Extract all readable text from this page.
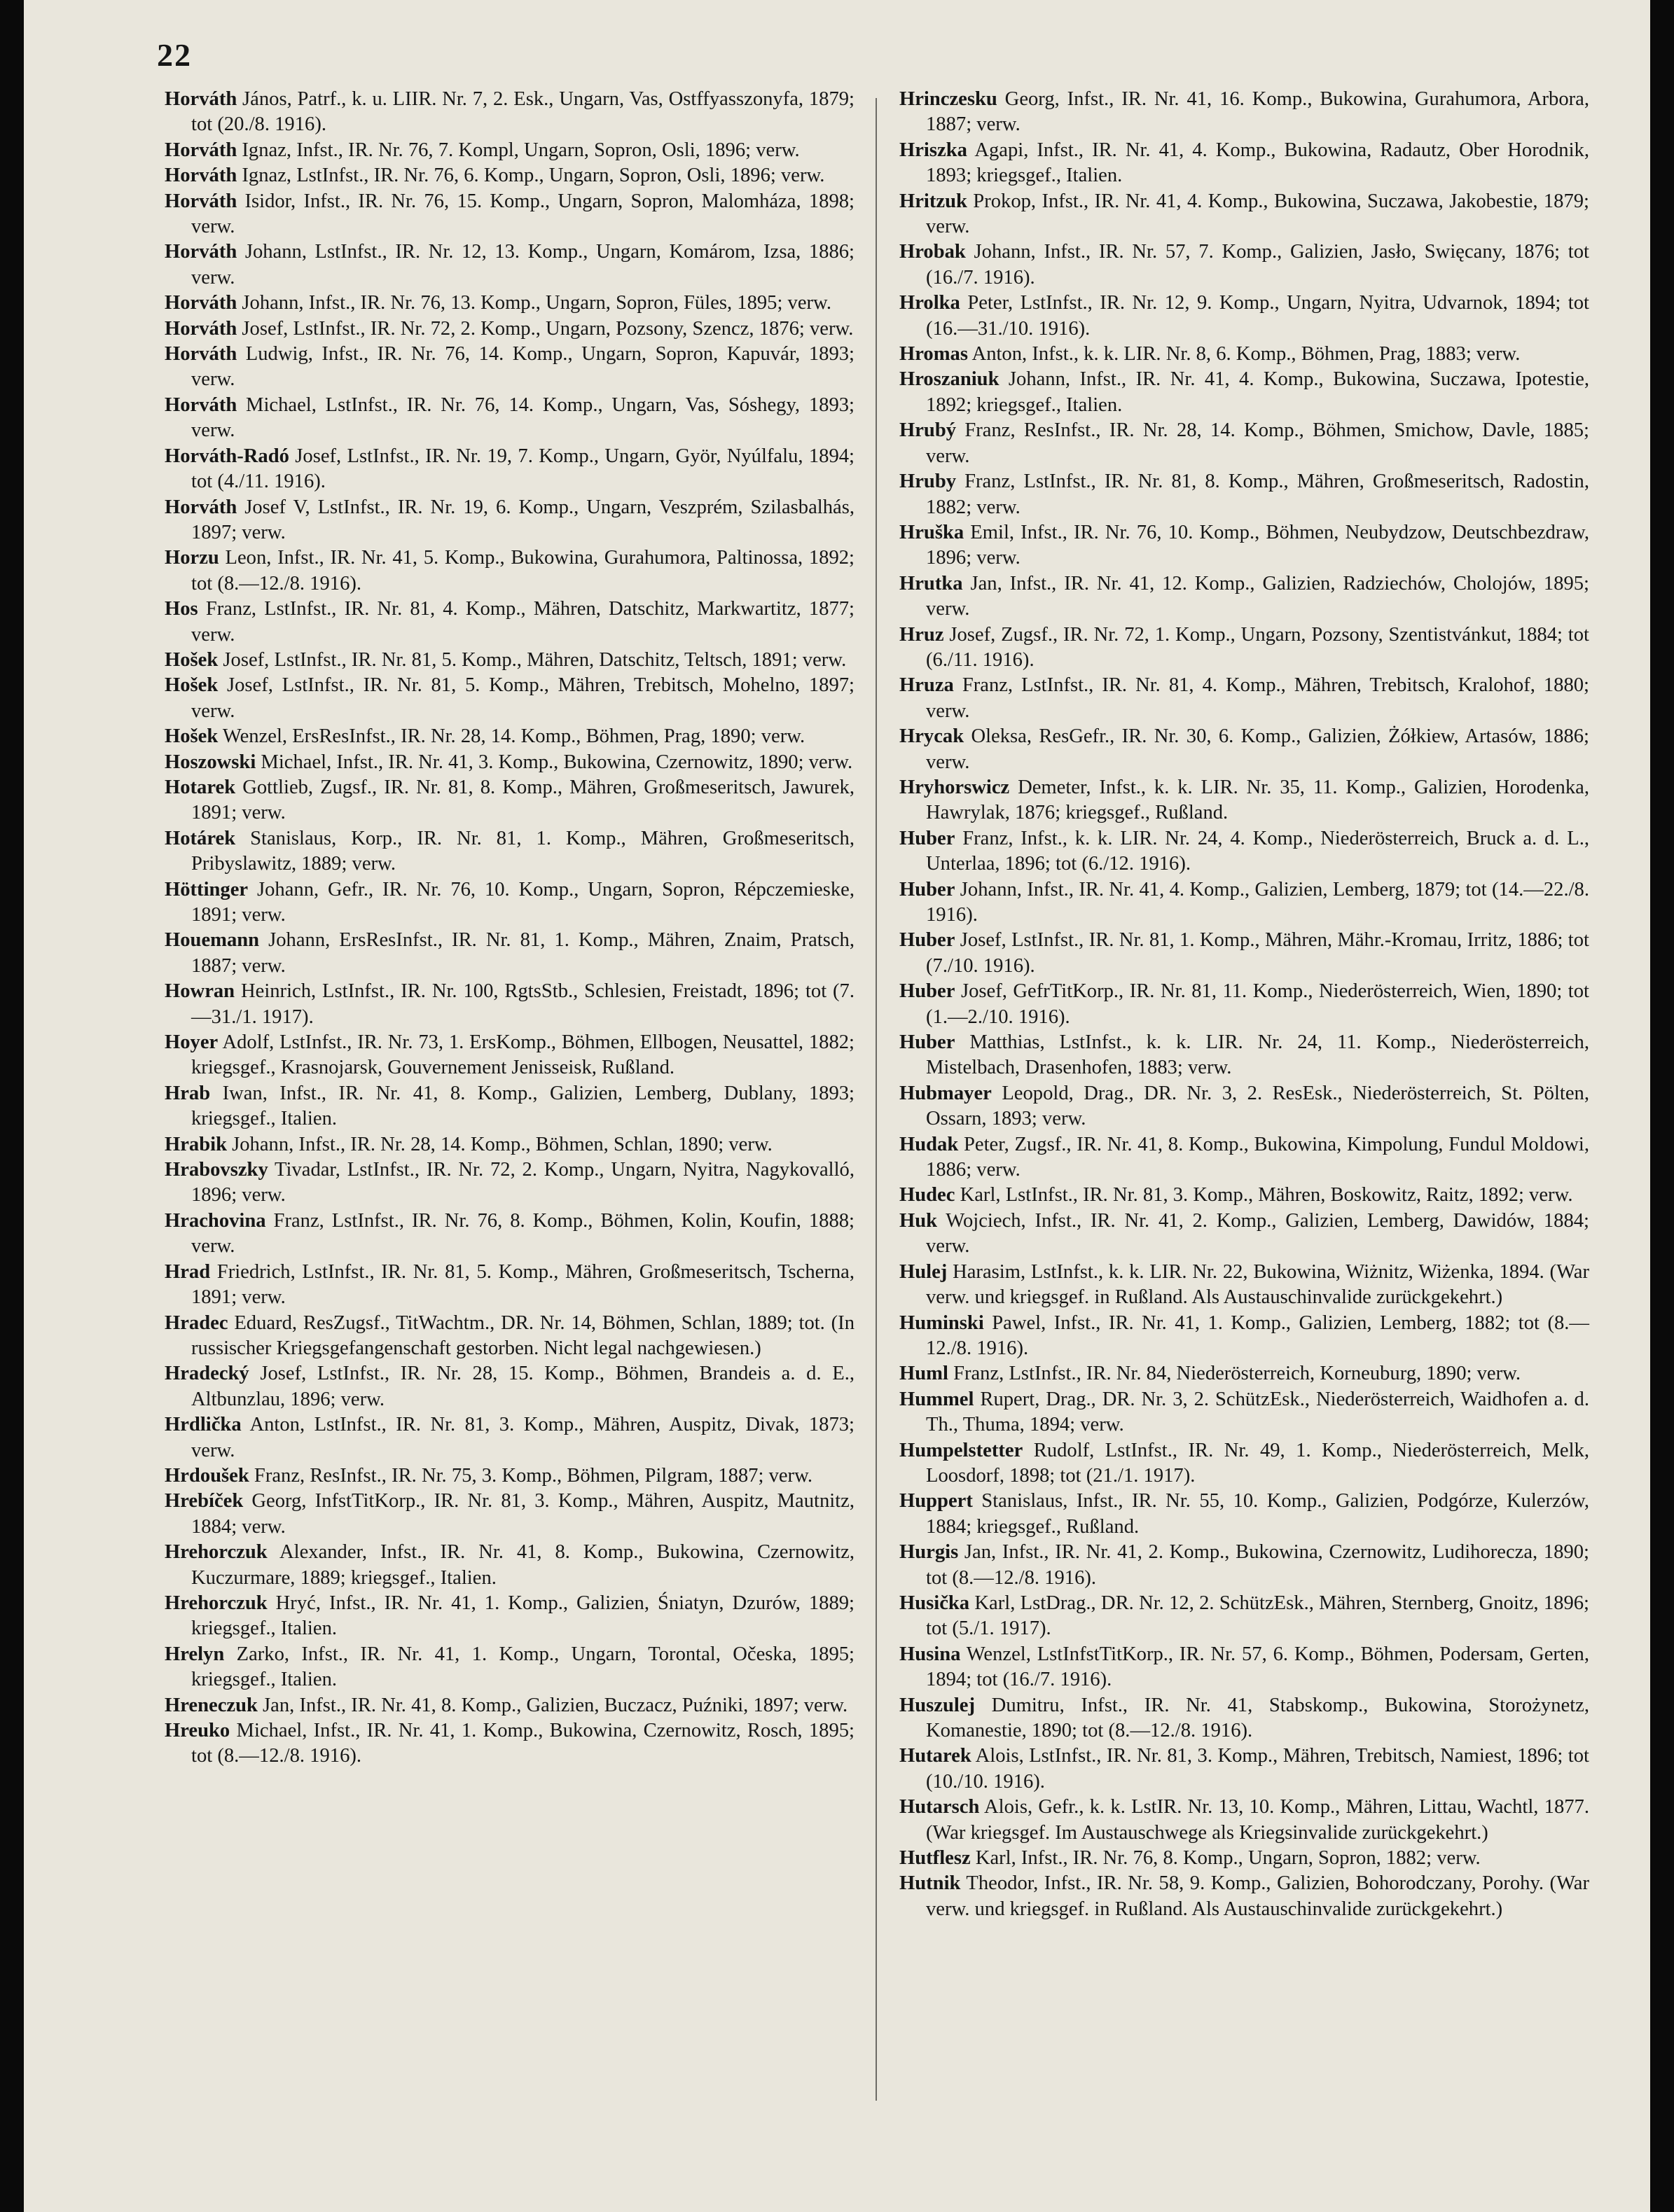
22

Horváth János, Patrf., k. u. LIIR. Nr. 7, 2. Esk., Ungarn, Vas, Ostffyasszonyfa, 1879; tot (20./8. 1916).

Horváth Ignaz, Infst., IR. Nr. 76, 7. Kompl, Ungarn, Sopron, Osli, 1896; verw.

Horváth Ignaz, LstInfst., IR. Nr. 76, 6. Komp., Ungarn, Sopron, Osli, 1896; verw.

Horváth Isidor, Infst., IR. Nr. 76, 15. Komp., Ungarn, Sopron, Malomháza, 1898; verw.

Horváth Johann, LstInfst., IR. Nr. 12, 13. Komp., Ungarn, Komárom, Izsa, 1886; verw.

Horváth Johann, Infst., IR. Nr. 76, 13. Komp., Ungarn, Sopron, Füles, 1895; verw.

Horváth Josef, LstInfst., IR. Nr. 72, 2. Komp., Ungarn, Pozsony, Szencz, 1876; verw.

Horváth Ludwig, Infst., IR. Nr. 76, 14. Komp., Ungarn, Sopron, Kapuvár, 1893; verw.

Horváth Michael, LstInfst., IR. Nr. 76, 14. Komp., Ungarn, Vas, Sóshegy, 1893; verw.

Horváth-Radó Josef, LstInfst., IR. Nr. 19, 7. Komp., Ungarn, Györ, Nyúlfalu, 1894; tot (4./11. 1916).

Horváth Josef V, LstInfst., IR. Nr. 19, 6. Komp., Ungarn, Veszprém, Szilasbalhás, 1897; verw.

Horzu Leon, Infst., IR. Nr. 41, 5. Komp., Bukowina, Gurahumora, Paltinossa, 1892; tot (8.—12./8. 1916).

Hos Franz, LstInfst., IR. Nr. 81, 4. Komp., Mähren, Datschitz, Markwartitz, 1877; verw.

Hošek Josef, LstInfst., IR. Nr. 81, 5. Komp., Mähren, Datschitz, Teltsch, 1891; verw.

Hošek Josef, LstInfst., IR. Nr. 81, 5. Komp., Mähren, Trebitsch, Mohelno, 1897; verw.

Hošek Wenzel, ErsResInfst., IR. Nr. 28, 14. Komp., Böhmen, Prag, 1890; verw.

Hoszowski Michael, Infst., IR. Nr. 41, 3. Komp., Bukowina, Czernowitz, 1890; verw.

Hotarek Gottlieb, Zugsf., IR. Nr. 81, 8. Komp., Mähren, Großmeseritsch, Jawurek, 1891; verw.

Hotárek Stanislaus, Korp., IR. Nr. 81, 1. Komp., Mähren, Großmeseritsch, Pribyslawitz, 1889; verw.

Höttinger Johann, Gefr., IR. Nr. 76, 10. Komp., Ungarn, Sopron, Répczemieske, 1891; verw.

Houemann Johann, ErsResInfst., IR. Nr. 81, 1. Komp., Mähren, Znaim, Pratsch, 1887; verw.

Howran Heinrich, LstInfst., IR. Nr. 100, RgtsStb., Schlesien, Freistadt, 1896; tot (7.—31./1. 1917).

Hoyer Adolf, LstInfst., IR. Nr. 73, 1. ErsKomp., Böhmen, Ellbogen, Neusattel, 1882; kriegsgef., Krasnojarsk, Gouvernement Jenisseisk, Rußland.

Hrab Iwan, Infst., IR. Nr. 41, 8. Komp., Galizien, Lemberg, Dublany, 1893; kriegsgef., Italien.

Hrabik Johann, Infst., IR. Nr. 28, 14. Komp., Böhmen, Schlan, 1890; verw.

Hrabovszky Tivadar, LstInfst., IR. Nr. 72, 2. Komp., Ungarn, Nyitra, Nagykovalló, 1896; verw.

Hrachovina Franz, LstInfst., IR. Nr. 76, 8. Komp., Böhmen, Kolin, Koufin, 1888; verw.

Hrad Friedrich, LstInfst., IR. Nr. 81, 5. Komp., Mähren, Großmeseritsch, Tscherna, 1891; verw.

Hradec Eduard, ResZugsf., TitWachtm., DR. Nr. 14, Böhmen, Schlan, 1889; tot. (In russischer Kriegsgefangenschaft gestorben. Nicht legal nachgewiesen.)

Hradecký Josef, LstInfst., IR. Nr. 28, 15. Komp., Böhmen, Brandeis a. d. E., Altbunzlau, 1896; verw.

Hrdlička Anton, LstInfst., IR. Nr. 81, 3. Komp., Mähren, Auspitz, Divak, 1873; verw.

Hrdoušek Franz, ResInfst., IR. Nr. 75, 3. Komp., Böhmen, Pilgram, 1887; verw.

Hrebíček Georg, InfstTitKorp., IR. Nr. 81, 3. Komp., Mähren, Auspitz, Mautnitz, 1884; verw.

Hrehorczuk Alexander, Infst., IR. Nr. 41, 8. Komp., Bukowina, Czernowitz, Kuczurmare, 1889; kriegsgef., Italien.

Hrehorczuk Hryć, Infst., IR. Nr. 41, 1. Komp., Galizien, Śniatyn, Dzurów, 1889; kriegsgef., Italien.

Hrelyn Zarko, Infst., IR. Nr. 41, 1. Komp., Ungarn, Torontal, Očeska, 1895; kriegsgef., Italien.

Hreneczuk Jan, Infst., IR. Nr. 41, 8. Komp., Galizien, Buczacz, Puźniki, 1897; verw.

Hreuko Michael, Infst., IR. Nr. 41, 1. Komp., Bukowina, Czernowitz, Rosch, 1895; tot (8.—12./8. 1916).

Hrinczesku Georg, Infst., IR. Nr. 41, 16. Komp., Bukowina, Gurahumora, Arbora, 1887; verw.

Hriszka Agapi, Infst., IR. Nr. 41, 4. Komp., Bukowina, Radautz, Ober Horodnik, 1893; kriegsgef., Italien.

Hritzuk Prokop, Infst., IR. Nr. 41, 4. Komp., Bukowina, Suczawa, Jakobestie, 1879; verw.

Hrobak Johann, Infst., IR. Nr. 57, 7. Komp., Galizien, Jasło, Swięcany, 1876; tot (16./7. 1916).

Hrolka Peter, LstInfst., IR. Nr. 12, 9. Komp., Ungarn, Nyitra, Udvarnok, 1894; tot (16.—31./10. 1916).

Hromas Anton, Infst., k. k. LIR. Nr. 8, 6. Komp., Böhmen, Prag, 1883; verw.

Hroszaniuk Johann, Infst., IR. Nr. 41, 4. Komp., Bukowina, Suczawa, Ipotestie, 1892; kriegsgef., Italien.

Hrubý Franz, ResInfst., IR. Nr. 28, 14. Komp., Böhmen, Smichow, Davle, 1885; verw.

Hruby Franz, LstInfst., IR. Nr. 81, 8. Komp., Mähren, Großmeseritsch, Radostin, 1882; verw.

Hruška Emil, Infst., IR. Nr. 76, 10. Komp., Böhmen, Neubydzow, Deutschbezdraw, 1896; verw.

Hrutka Jan, Infst., IR. Nr. 41, 12. Komp., Galizien, Radziechów, Cholojów, 1895; verw.

Hruz Josef, Zugsf., IR. Nr. 72, 1. Komp., Ungarn, Pozsony, Szentistvánkut, 1884; tot (6./11. 1916).

Hruza Franz, LstInfst., IR. Nr. 81, 4. Komp., Mähren, Trebitsch, Kralohof, 1880; verw.

Hrycak Oleksa, ResGefr., IR. Nr. 30, 6. Komp., Galizien, Żółkiew, Artasów, 1886; verw.

Hryhorswicz Demeter, Infst., k. k. LIR. Nr. 35, 11. Komp., Galizien, Horodenka, Hawrylak, 1876; kriegsgef., Rußland.

Huber Franz, Infst., k. k. LIR. Nr. 24, 4. Komp., Niederösterreich, Bruck a. d. L., Unterlaa, 1896; tot (6./12. 1916).

Huber Johann, Infst., IR. Nr. 41, 4. Komp., Galizien, Lemberg, 1879; tot (14.—22./8. 1916).

Huber Josef, LstInfst., IR. Nr. 81, 1. Komp., Mähren, Mähr.-Kromau, Irritz, 1886; tot (7./10. 1916).

Huber Josef, GefrTitKorp., IR. Nr. 81, 11. Komp., Niederösterreich, Wien, 1890; tot (1.—2./10. 1916).

Huber Matthias, LstInfst., k. k. LIR. Nr. 24, 11. Komp., Niederösterreich, Mistelbach, Drasenhofen, 1883; verw.

Hubmayer Leopold, Drag., DR. Nr. 3, 2. ResEsk., Niederösterreich, St. Pölten, Ossarn, 1893; verw.

Hudak Peter, Zugsf., IR. Nr. 41, 8. Komp., Bukowina, Kimpolung, Fundul Moldowi, 1886; verw.

Hudec Karl, LstInfst., IR. Nr. 81, 3. Komp., Mähren, Boskowitz, Raitz, 1892; verw.

Huk Wojciech, Infst., IR. Nr. 41, 2. Komp., Galizien, Lemberg, Dawidów, 1884; verw.

Hulej Harasim, LstInfst., k. k. LIR. Nr. 22, Bukowina, Wiżnitz, Wiżenka, 1894. (War verw. und kriegsgef. in Rußland. Als Austauschinvalide zurückgekehrt.)

Huminski Pawel, Infst., IR. Nr. 41, 1. Komp., Galizien, Lemberg, 1882; tot (8.—12./8. 1916).

Huml Franz, LstInfst., IR. Nr. 84, Niederösterreich, Korneuburg, 1890; verw.

Hummel Rupert, Drag., DR. Nr. 3, 2. SchützEsk., Niederösterreich, Waidhofen a. d. Th., Thuma, 1894; verw.

Humpelstetter Rudolf, LstInfst., IR. Nr. 49, 1. Komp., Niederösterreich, Melk, Loosdorf, 1898; tot (21./1. 1917).

Huppert Stanislaus, Infst., IR. Nr. 55, 10. Komp., Galizien, Podgórze, Kulerzów, 1884; kriegsgef., Rußland.

Hurgis Jan, Infst., IR. Nr. 41, 2. Komp., Bukowina, Czernowitz, Ludihorecza, 1890; tot (8.—12./8. 1916).

Husička Karl, LstDrag., DR. Nr. 12, 2. SchützEsk., Mähren, Sternberg, Gnoitz, 1896; tot (5./1. 1917).

Husina Wenzel, LstInfstTitKorp., IR. Nr. 57, 6. Komp., Böhmen, Podersam, Gerten, 1894; tot (16./7. 1916).

Huszulej Dumitru, Infst., IR. Nr. 41, Stabskomp., Bukowina, Storożynetz, Komanestie, 1890; tot (8.—12./8. 1916).

Hutarek Alois, LstInfst., IR. Nr. 81, 3. Komp., Mähren, Trebitsch, Namiest, 1896; tot (10./10. 1916).

Hutarsch Alois, Gefr., k. k. LstIR. Nr. 13, 10. Komp., Mähren, Littau, Wachtl, 1877. (War kriegsgef. Im Austauschwege als Kriegsinvalide zurückgekehrt.)

Hutflesz Karl, Infst., IR. Nr. 76, 8. Komp., Ungarn, Sopron, 1882; verw.

Hutnik Theodor, Infst., IR. Nr. 58, 9. Komp., Galizien, Bohorodczany, Porohy. (War verw. und kriegsgef. in Rußland. Als Austauschinvalide zurückgekehrt.)
